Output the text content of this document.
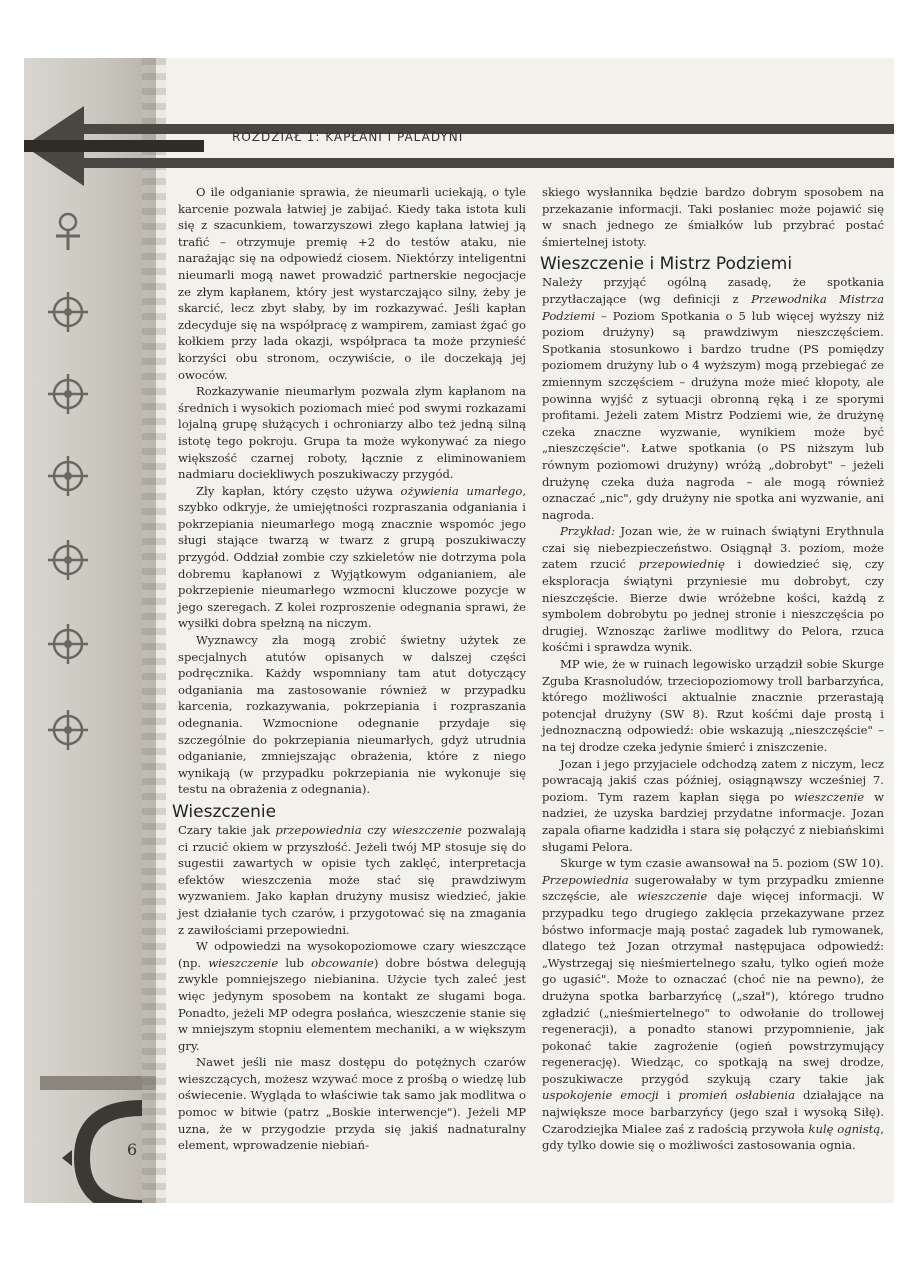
ROZDZIAŁ 1: KAPŁANI I PALADYNI

O ile odganianie sprawia, że nieumarli uciekają, o tyle karcenie pozwala łatwiej je zabijać. Kiedy taka istota kuli się z szacunkiem, towarzyszowi złego kapłana łatwiej ją trafić – otrzymuje premię +2 do testów ataku, nie narażając się na odpowiedź ciosem. Niektórzy inteligentni nieumarli mogą nawet prowadzić partnerskie negocjacje ze złym kapłanem, który jest wystarczająco silny, żeby je skarcić, lecz zbyt słaby, by im rozkazywać. Jeśli kapłan zdecyduje się na współpracę z wampirem, zamiast żgać go kołkiem przy lada okazji, współpraca ta może przynieść korzyści obu stronom, oczywiście, o ile doczekają jej owoców.

Rozkazywanie nieumarłym pozwala złym kapłanom na średnich i wysokich poziomach mieć pod swymi rozkazami lojalną grupę służących i ochroniarzy albo też jedną silną istotę tego pokroju. Grupa ta może wykonywać za niego większość czarnej roboty, łącznie z eliminowaniem nadmiaru dociekliwych poszukiwaczy przygód.

Zły kapłan, który często używa ożywienia umarłego, szybko odkryje, że umiejętności rozpraszania odganiania i pokrzepiania nieumarłego mogą znacznie wspomóc jego sługi stające twarzą w twarz z grupą poszukiwaczy przygód. Oddział zombie czy szkieletów nie dotrzyma pola dobremu kapłanowi z Wyjątkowym odganianiem, ale pokrzepienie nieumarłego wzmocni kluczowe pozycje w jego szeregach. Z kolei rozproszenie odegnania sprawi, że wysiłki dobra spełzną na niczym.

Wyznawcy zła mogą zrobić świetny użytek ze specjalnych atutów opisanych w dalszej części podręcznika. Każdy wspomniany tam atut dotyczący odganiania ma zastosowanie również w przypadku karcenia, rozkazywania, pokrzepiania i rozpraszania odegnania. Wzmocnione odegnanie przydaje się szczególnie do pokrzepiania nieumarłych, gdyż utrudnia odganianie, zmniejszając obrażenia, które z niego wynikają (w przypadku pokrzepiania nie wykonuje się testu na obrażenia z odegnania).

Wieszczenie

Czary takie jak przepowiednia czy wieszczenie pozwalają ci rzucić okiem w przyszłość. Jeżeli twój MP stosuje się do sugestii zawartych w opisie tych zaklęć, interpretacja efektów wieszczenia może stać się prawdziwym wyzwaniem. Jako kapłan drużyny musisz wiedzieć, jakie jest działanie tych czarów, i przygotować się na zmagania z zawiłościami przepowiedni.

W odpowiedzi na wysokopoziomowe czary wieszczące (np. wieszczenie lub obcowanie) dobre bóstwa delegują zwykle pomniejszego niebianina. Użycie tych zaleć jest więc jedynym sposobem na kontakt ze sługami boga. Ponadto, jeżeli MP odegra posłańca, wieszczenie stanie się w mniejszym stopniu elementem mechaniki, a w większym gry.

Nawet jeśli nie masz dostępu do potężnych czarów wieszczących, możesz wzywać moce z prośbą o wiedzę lub oświecenie. Wygląda to właściwie tak samo jak modlitwa o pomoc w bitwie (patrz „Boskie interwencje"). Jeżeli MP uzna, że w przygodzie przyda się jakiś nadnaturalny element, wprowadzenie niebiań-

skiego wysłannika będzie bardzo dobrym sposobem na przekazanie informacji. Taki posłaniec może pojawić się w snach jednego ze śmiałków lub przybrać postać śmiertelnej istoty.

Wieszczenie i Mistrz Podziemi

Należy przyjąć ogólną zasadę, że spotkania przytłaczające (wg definicji z Przewodnika Mistrza Podziemi – Poziom Spotkania o 5 lub więcej wyższy niż poziom drużyny) są prawdziwym nieszczęściem. Spotkania stosunkowo i bardzo trudne (PS pomiędzy poziomem drużyny lub o 4 wyższym) mogą przebiegać ze zmiennym szczęściem – drużyna może mieć kłopoty, ale powinna wyjść z sytuacji obronną ręką i ze sporymi profitami. Jeżeli zatem Mistrz Podziemi wie, że drużynę czeka znaczne wyzwanie, wynikiem może być „nieszczęście". Łatwe spotkania (o PS niższym lub równym poziomowi drużyny) wróżą „dobrobyt" – jeżeli drużynę czeka duża nagroda – ale mogą również oznaczać „nic", gdy drużyny nie spotka ani wyzwanie, ani nagroda.

Przykład: Jozan wie, że w ruinach świątyni Erythnula czai się niebezpieczeństwo. Osiągnął 3. poziom, może zatem rzucić przepowiednię i dowiedzieć się, czy eksploracja świątyni przyniesie mu dobrobyt, czy nieszczęście. Bierze dwie wróżebne kości, każdą z symbolem dobrobytu po jednej stronie i nieszczęścia po drugiej. Wznosząc żarliwe modlitwy do Pelora, rzuca kośćmi i sprawdza wynik.

MP wie, że w ruinach legowisko urządził sobie Skurge Zguba Krasnoludów, trzeciopoziomowy troll barbarzyńca, którego możliwości aktualnie znacznie przerastają potencjał drużyny (SW 8). Rzut kośćmi daje prostą i jednoznaczną odpowiedź: obie wskazują „nieszczęście" – na tej drodze czeka jedynie śmierć i zniszczenie.

Jozan i jego przyjaciele odchodzą zatem z niczym, lecz powracają jakiś czas później, osiągnąwszy wcześniej 7. poziom. Tym razem kapłan sięga po wieszczenie w nadziei, że uzyska bardziej przydatne informacje. Jozan zapala ofiarne kadzidła i stara się połączyć z niebiańskimi sługami Pelora.

Skurge w tym czasie awansował na 5. poziom (SW 10). Przepowiednia sugerowałaby w tym przypadku zmienne szczęście, ale wieszczenie daje więcej informacji. W przypadku tego drugiego zaklęcia przekazywane przez bóstwo informacje mają postać zagadek lub rymowanek, dlatego też Jozan otrzymał następujaca odpowiedź: „Wystrzegaj się nieśmiertelnego szału, tylko ogień może go ugasić". Może to oznaczać (choć nie na pewno), że drużyna spotka barbarzyńcę („szał"), którego trudno zgładzić („nieśmiertelnego" to odwołanie do trollowej regeneracji), a ponadto stanowi przypomnienie, jak pokonać takie zagrożenie (ogień powstrzymujący regenerację). Wiedząc, co spotkają na swej drodze, poszukiwacze przygód szykują czary takie jak uspokojenie emocji i promień osłabienia działające na największe moce barbarzyńcy (jego szał i wysoką Siłę). Czarodziejka Mialee zaś z radością przywoła kulę ognistą, gdy tylko dowie się o możliwości zastosowania ognia.

6
